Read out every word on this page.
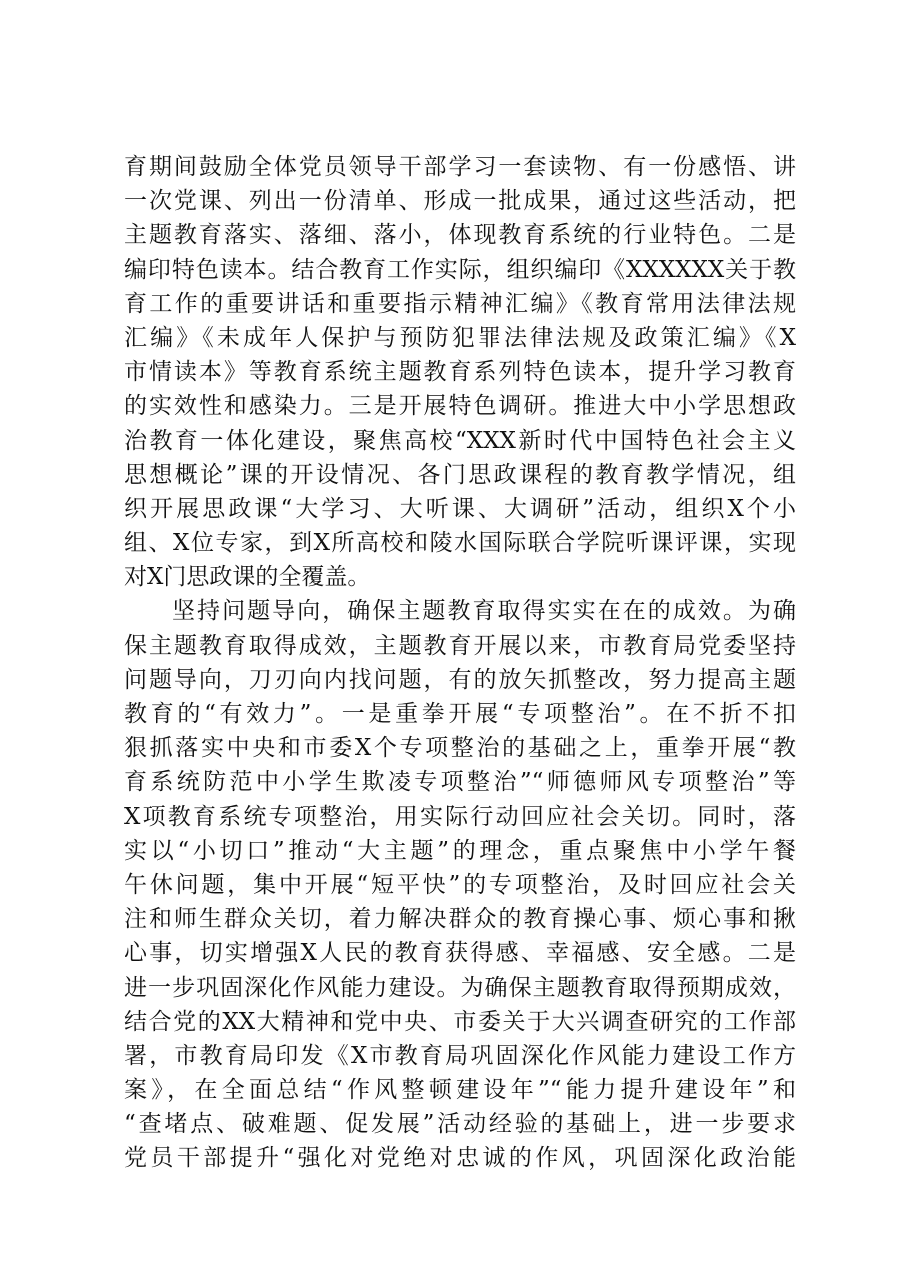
育期间鼓励全体党员领导干部学习一套读物、有一份感悟、讲
一次党课、列出一份清单、形成一批成果，通过这些活动，把
主题教育落实、落细、落小，体现教育系统的行业特色。二是
编印特色读本。结合教育工作实际，组织编印《XXXXXX关于教
育工作的重要讲话和重要指示精神汇编》《教育常用法律法规
汇编》《未成年人保护与预防犯罪法律法规及政策汇编》《X
市情读本》等教育系统主题教育系列特色读本，提升学习教育
的实效性和感染力。三是开展特色调研。推进大中小学思想政
治教育一体化建设，聚焦高校“XXX新时代中国特色社会主义
思想概论”课的开设情况、各门思政课程的教育教学情况，组
织开展思政课“大学习、大听课、大调研”活动，组织X个小
组、X位专家，到X所高校和陵水国际联合学院听课评课，实现
对X门思政课的全覆盖。
坚持问题导向，确保主题教育取得实实在在的成效。为确
保主题教育取得成效，主题教育开展以来，市教育局党委坚持
问题导向，刀刃向内找问题，有的放矢抓整改，努力提高主题
教育的“有效力”。一是重拳开展“专项整治”。在不折不扣
狠抓落实中央和市委X个专项整治的基础之上，重拳开展“教
育系统防范中小学生欺凌专项整治”“师德师风专项整治”等
X项教育系统专项整治，用实际行动回应社会关切。同时，落
实以“小切口”推动“大主题”的理念，重点聚焦中小学午餐
午休问题，集中开展“短平快”的专项整治，及时回应社会关
注和师生群众关切，着力解决群众的教育操心事、烦心事和揪
心事，切实增强X人民的教育获得感、幸福感、安全感。二是
进一步巩固深化作风能力建设。为确保主题教育取得预期成效，
结合党的XX大精神和党中央、市委关于大兴调查研究的工作部
署，市教育局印发《X市教育局巩固深化作风能力建设工作方
案》，在全面总结“作风整顿建设年”“能力提升建设年”和
“查堵点、破难题、促发展”活动经验的基础上，进一步要求
党员干部提升“强化对党绝对忠诚的作风，巩固深化政治能
